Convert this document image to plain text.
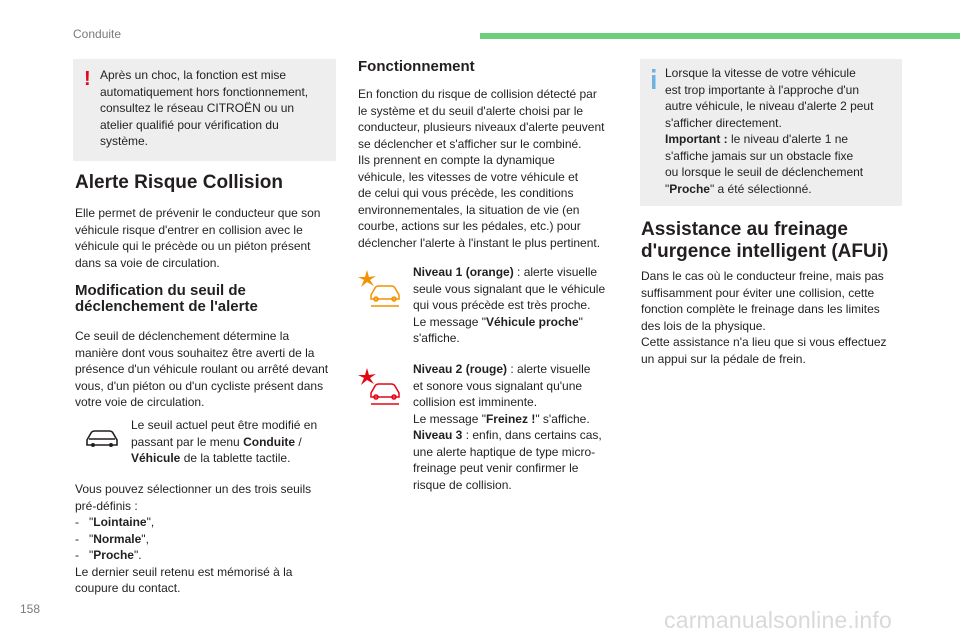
Conduite
! Après un choc, la fonction est mise

automatiquement hors fonctionnement,

consultez le réseau CITROËN ou un

atelier qualifié pour vérification du

système.

Alerte Risque Collision

Elle permet de prévenir le conducteur que son

véhicule risque d'entrer en collision avec le

véhicule qui le précède ou un piéton présent

dans sa voie de circulation.

Modification du seuil de
déclenchement de l'alerte

Ce seuil de déclenchement détermine la

manière dont vous souhaitez être averti de la

présence d'un véhicule roulant ou arrêté devant

vous, d'un piéton ou d'un cycliste présent dans

votre voie de circulation.

Le seuil actuel peut être modifié en

passant par le menu Conduite /

Véhicule de la tablette tactile.

Vous pouvez sélectionner un des trois seuils

pré-définis :

-   "Lointaine",

-   "Normale",

-   "Proche".

Le dernier seuil retenu est mémorisé à la

coupure du contact.

Fonctionnement

En fonction du risque de collision détecté par

le système et du seuil d'alerte choisi par le

conducteur, plusieurs niveaux d'alerte peuvent

se déclencher et s'afficher sur le combiné.

Ils prennent en compte la dynamique

véhicule, les vitesses de votre véhicule et

de celui qui vous précède, les conditions

environnementales, la situation de vie (en

courbe, actions sur les pédales, etc.) pour

déclencher l'alerte à l'instant le plus pertinent.

Niveau 1 (orange) : alerte visuelle

seule vous signalant que le véhicule

qui vous précède est très proche.

Le message "Véhicule proche"

s'affiche.

Niveau 2 (rouge) : alerte visuelle

et sonore vous signalant qu'une

collision est imminente.

Le message "Freinez !" s'affiche.

Niveau 3 : enfin, dans certains cas,

une alerte haptique de type micro-

freinage peut venir confirmer le

risque de collision.

Lorsque la vitesse de votre véhicule

est trop importante à l'approche d'un

autre véhicule, le niveau d'alerte 2 peut

s'afficher directement.

Important : le niveau d'alerte 1 ne

s'affiche jamais sur un obstacle fixe

ou lorsque le seuil de déclenchement

"Proche" a été sélectionné.

Assistance au freinage
d'urgence intelligent (AFUi)

Dans le cas où le conducteur freine, mais pas

suffisamment pour éviter une collision, cette

fonction complète le freinage dans les limites

des lois de la physique.

Cette assistance n'a lieu que si vous effectuez

un appui sur la pédale de frein.

158	carmanualsonline.info
